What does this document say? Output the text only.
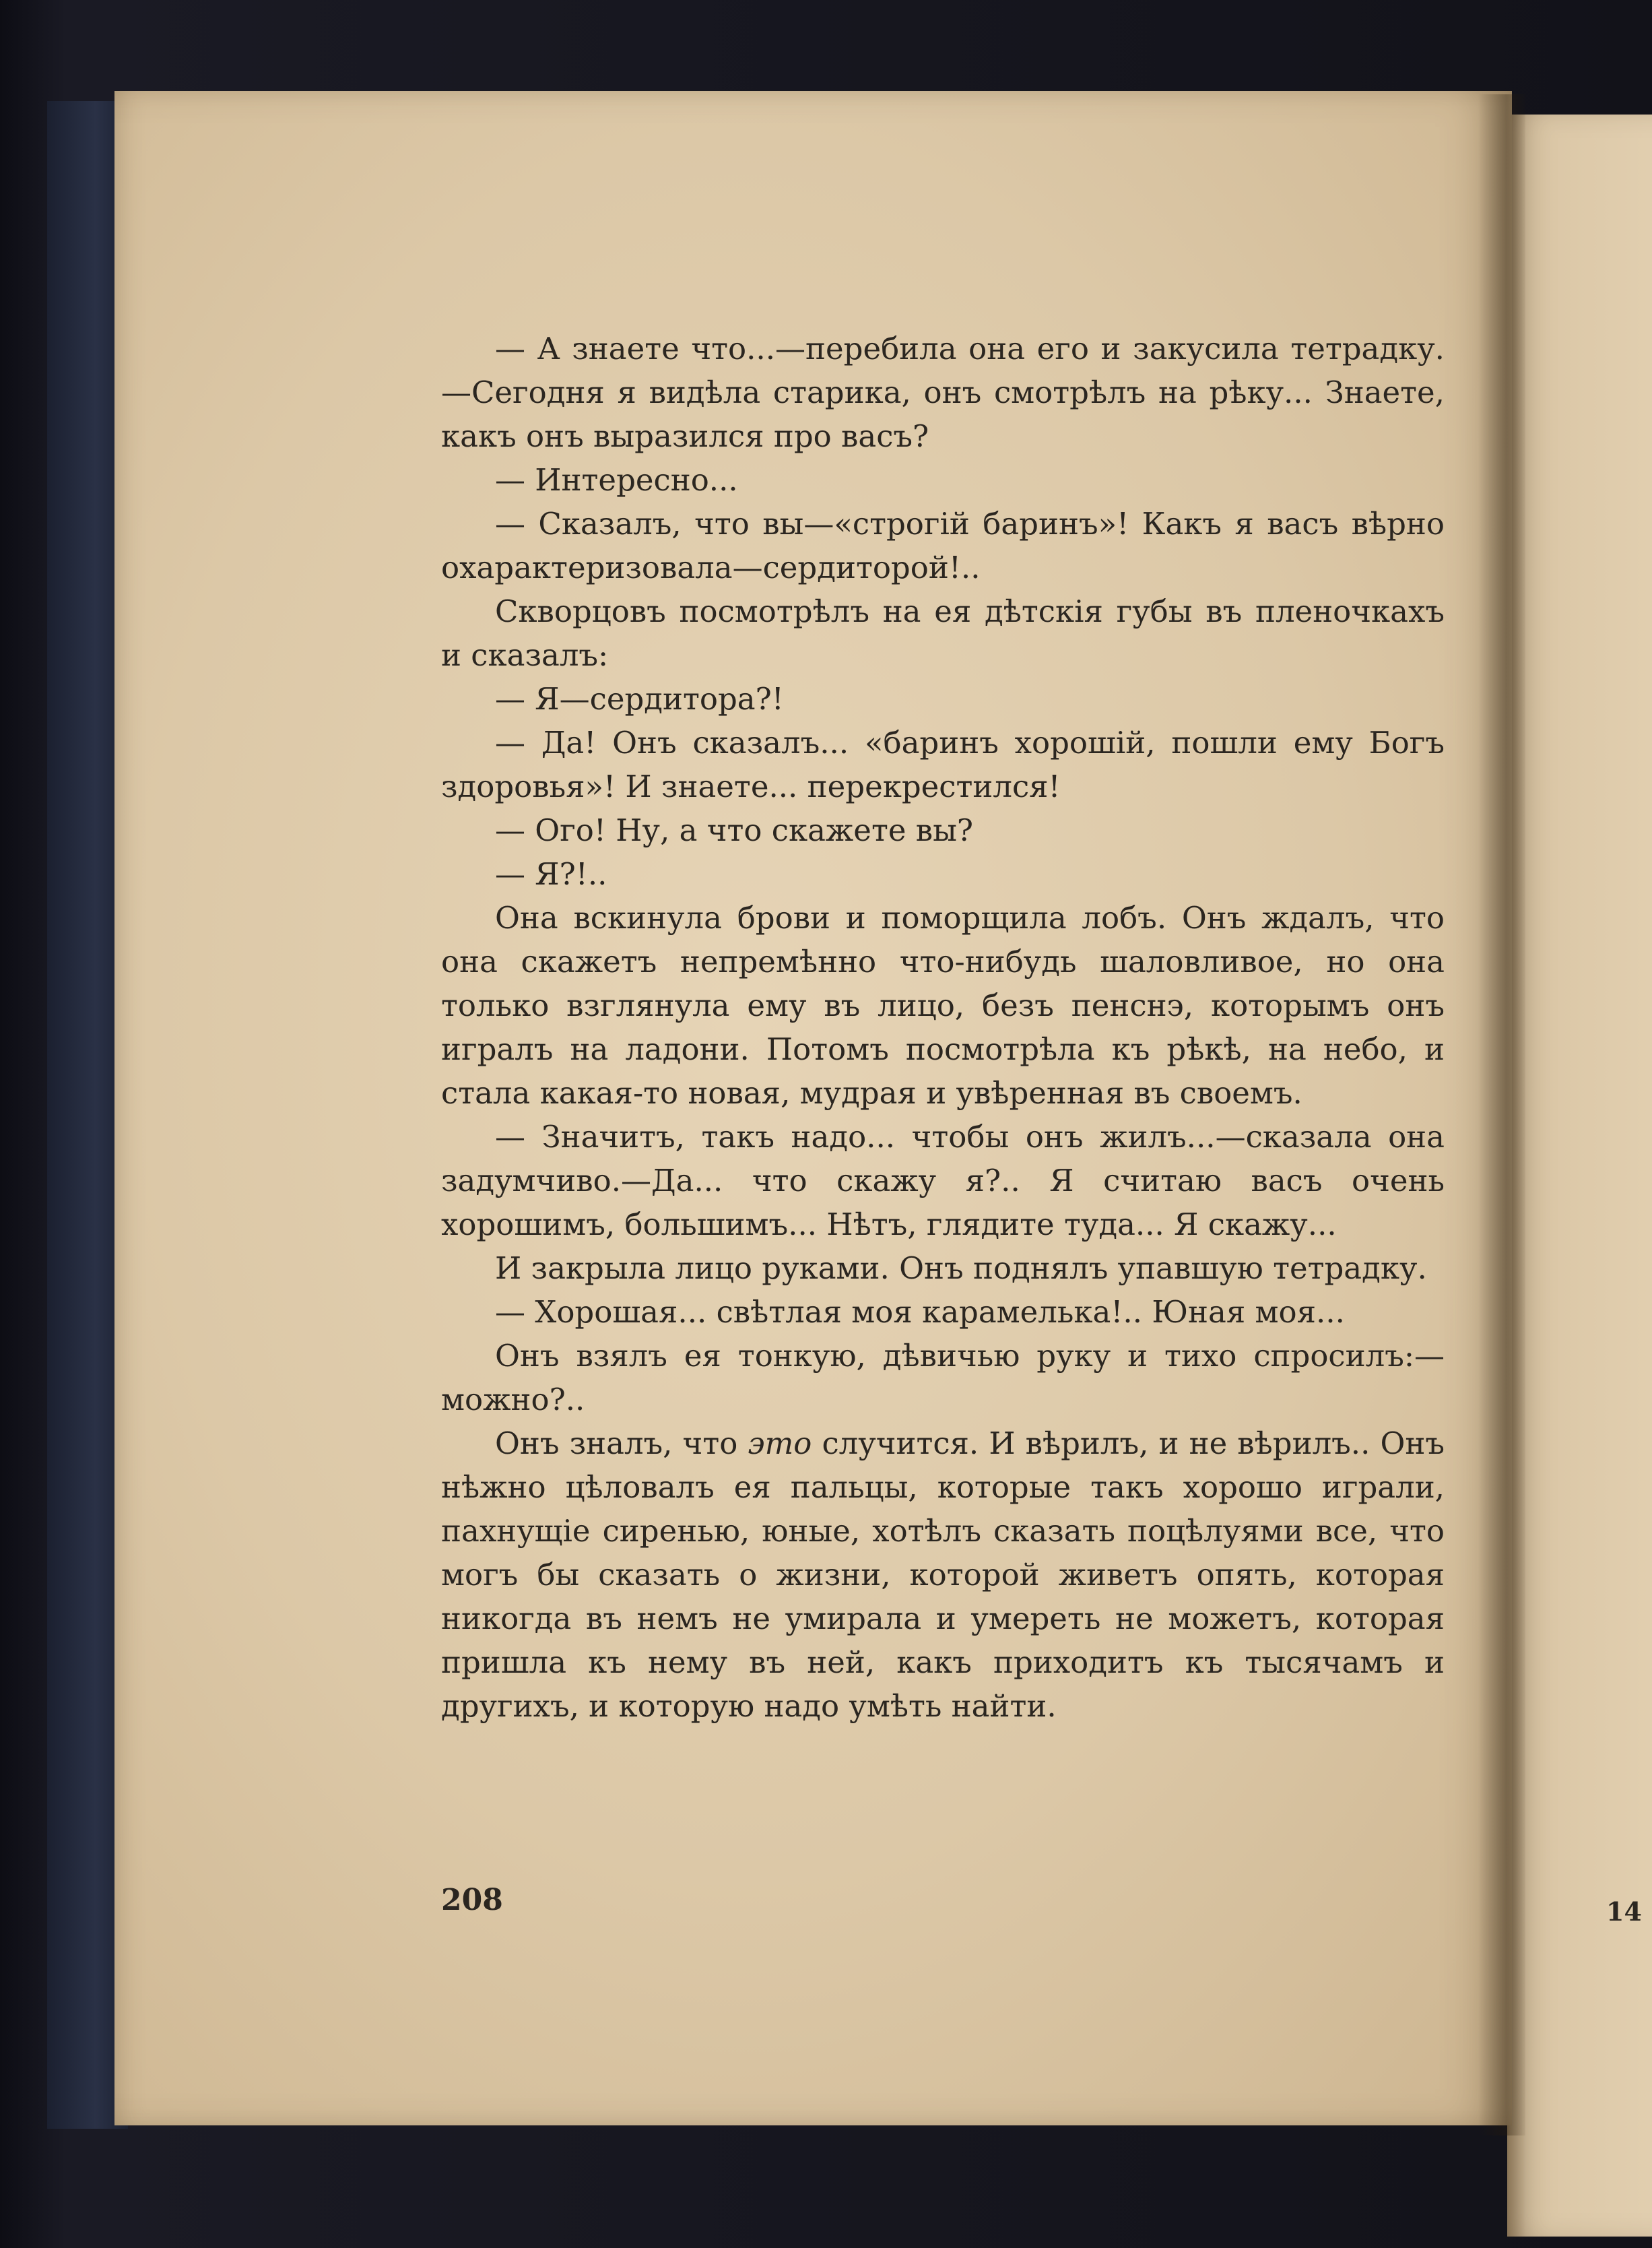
— А знаете что...—перебила она его и закусила тетрадку.—Сегодня я видѣла старика, онъ смотрѣлъ на рѣку... Знаете, какъ онъ выразился про васъ?

— Интересно...

— Сказалъ, что вы—«строгій баринъ»! Какъ я васъ вѣрно охарактеризовала—сердиторой!..

Скворцовъ посмотрѣлъ на ея дѣтскія губы въ пленочкахъ и сказалъ:

— Я—сердитора?!

— Да! Онъ сказалъ... «баринъ хорошій, пошли ему Богъ здоровья»! И знаете... перекрестился!

— Ого! Ну, а что скажете вы?

— Я?!..

Она вскинула брови и поморщила лобъ. Онъ ждалъ, что она скажетъ непремѣнно что-нибудь шаловливое, но она только взглянула ему въ лицо, безъ пенснэ, которымъ онъ игралъ на ладони. Потомъ посмотрѣла къ рѣкѣ, на небо, и стала какая-то новая, мудрая и увѣренная въ своемъ.

— Значитъ, такъ надо... чтобы онъ жилъ...—сказала она задумчиво.—Да... что скажу я?.. Я считаю васъ очень хорошимъ, большимъ... Нѣтъ, глядите туда... Я скажу...

И закрыла лицо руками. Онъ поднялъ упавшую тетрадку.

— Хорошая... свѣтлая моя карамелька!.. Юная моя...

Онъ взялъ ея тонкую, дѣвичью руку и тихо спросилъ:—можно?..

Онъ зналъ, что это случится. И вѣрилъ, и не вѣрилъ.. Онъ нѣжно цѣловалъ ея пальцы, которые такъ хорошо играли, пахнущіе сиренью, юные, хотѣлъ сказать поцѣлуями все, что могъ бы сказать о жизни, которой живетъ опять, которая никогда въ немъ не умирала и умереть не можетъ, которая пришла къ нему въ ней, какъ приходитъ къ тысячамъ и другихъ, и которую надо умѣть найти.

208	14
